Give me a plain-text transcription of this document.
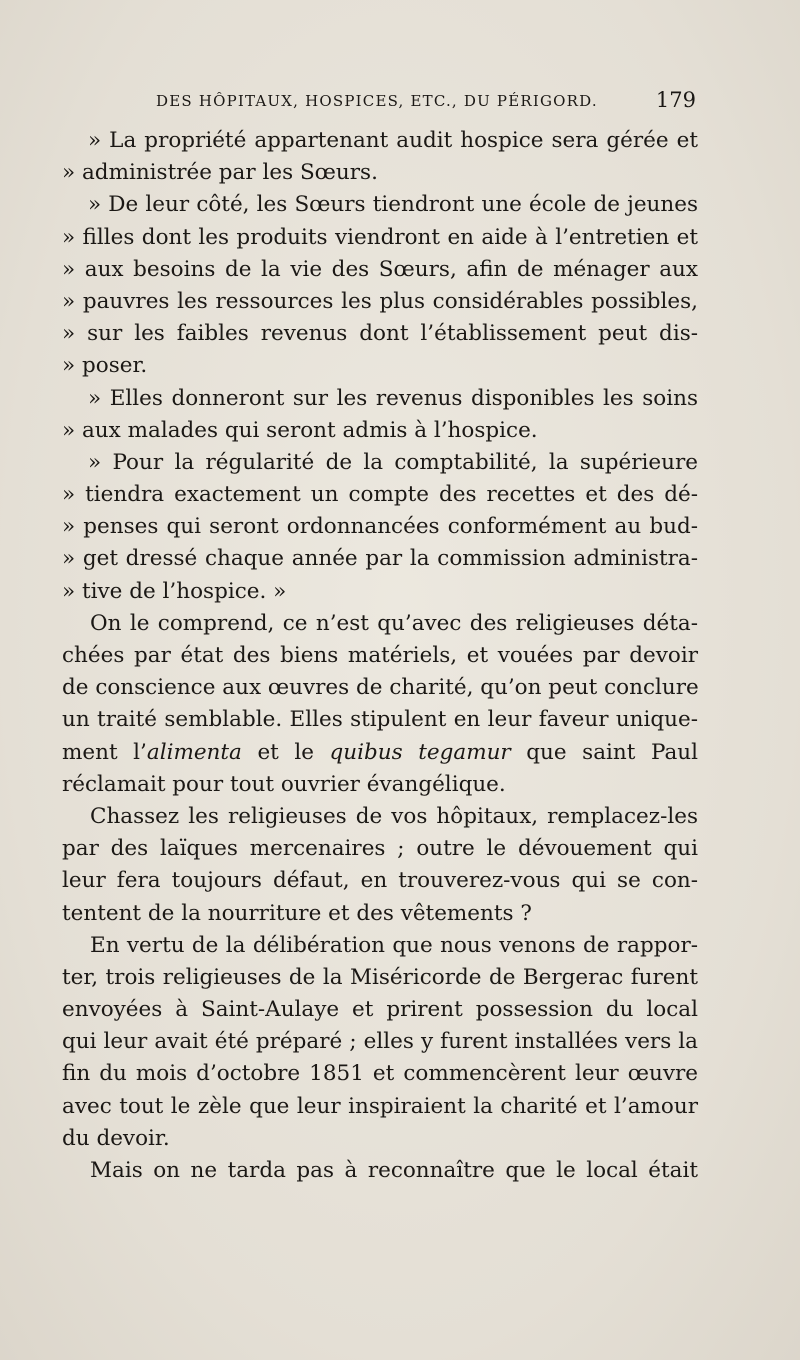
DES HÔPITAUX, HOSPICES, ETC., DU PÉRIGORD.	179
» La propriété appartenant audit hospice sera gérée et
» administrée par les Sœurs.
» De leur côté, les Sœurs tiendront une école de jeunes
» filles dont les produits viendront en aide à l’entretien et
» aux besoins de la vie des Sœurs, afin de ménager aux
» pauvres les ressources les plus considérables possibles,
» sur les faibles revenus dont l’établissement peut dis-
» poser.
» Elles donneront sur les revenus disponibles les soins
» aux malades qui seront admis à l’hospice.
» Pour la régularité de la comptabilité, la supérieure
» tiendra exactement un compte des recettes et des dé-
» penses qui seront ordonnancées conformément au bud-
» get dressé chaque année par la commission administra-
» tive de l’hospice. »
On le comprend, ce n’est qu’avec des religieuses déta-
chées par état des biens matériels, et vouées par devoir
de conscience aux œuvres de charité, qu’on peut conclure
un traité semblable. Elles stipulent en leur faveur unique-
ment l’alimenta et le quibus tegamur que saint Paul
réclamait pour tout ouvrier évangélique.
Chassez les religieuses de vos hôpitaux, remplacez-les
par des laïques mercenaires ; outre le dévouement qui
leur fera toujours défaut, en trouverez-vous qui se con-
tentent de la nourriture et des vêtements ?
En vertu de la délibération que nous venons de rappor-
ter, trois religieuses de la Miséricorde de Bergerac furent
envoyées à Saint-Aulaye et prirent possession du local
qui leur avait été préparé ; elles y furent installées vers la
fin du mois d’octobre 1851 et commencèrent leur œuvre
avec tout le zèle que leur inspiraient la charité et l’amour
du devoir.
Mais on ne tarda pas à reconnaître que le local était
